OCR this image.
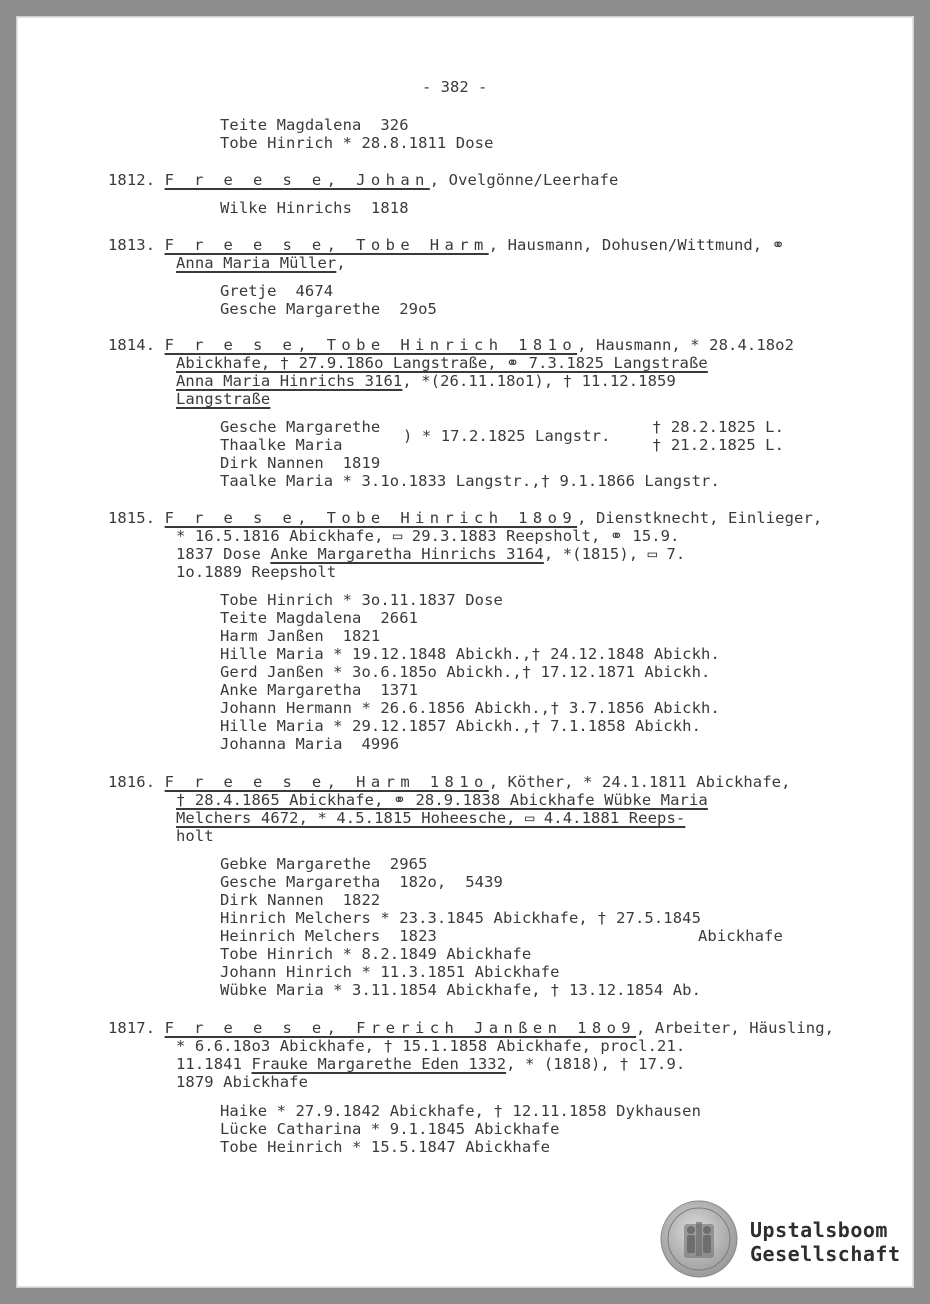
- 382 -
Teite Magdalena  326
Tobe Hinrich * 28.8.1811 Dose
1812. F r e e s e, Johan, Ovelgönne/Leerhafe
Wilke Hinrichs  1818
1813. F r e e s e, Tobe Harm, Hausmann, Dohusen/Wittmund, ⚭
Anna Maria Müller,
Gretje  4674
Gesche Margarethe  29o5
1814. F r e s e, Tobe Hinrich 181o, Hausmann, * 28.4.18o2
Abickhafe, † 27.9.186o Langstraße, ⚭ 7.3.1825 Langstraße
Anna Maria Hinrichs 3161, *(26.11.18o1), † 11.12.1859
Langstraße
Gesche Margarethe ) * 17.2.1825 Langstr.	† 28.2.1825 L.
Thaalke Maria	† 21.2.1825 L.
Dirk Nannen  1819
Taalke Maria * 3.1o.1833 Langstr.,† 9.1.1866 Langstr.
1815. F r e s e, Tobe Hinrich 18o9, Dienstknecht, Einlieger,
* 16.5.1816 Abickhafe, ▭ 29.3.1883 Reepsholt, ⚭ 15.9.
1837 Dose Anke Margaretha Hinrichs 3164, *(1815), ▭ 7.
1o.1889 Reepsholt
Tobe Hinrich * 3o.11.1837 Dose
Teite Magdalena  2661
Harm Janßen  1821
Hille Maria * 19.12.1848 Abickh.,† 24.12.1848 Abickh.
Gerd Janßen * 3o.6.185o Abickh.,† 17.12.1871 Abickh.
Anke Margaretha  1371
Johann Hermann * 26.6.1856 Abickh.,† 3.7.1856 Abickh.
Hille Maria * 29.12.1857 Abickh.,† 7.1.1858 Abickh.
Johanna Maria  4996
1816. F r e e s e, Harm 181o, Köther, * 24.1.1811 Abickhafe,
† 28.4.1865 Abickhafe, ⚭ 28.9.1838 Abickhafe Wübke Maria
Melchers 4672, * 4.5.1815 Hoheesche, ▭ 4.4.1881 Reeps-
holt
Gebke Margarethe  2965
Gesche Margaretha  182o,  5439
Dirk Nannen  1822
Hinrich Melchers * 23.3.1845 Abickhafe, † 27.5.1845
Heinrich Melchers  1823	Abickhafe
Tobe Hinrich * 8.2.1849 Abickhafe
Johann Hinrich * 11.3.1851 Abickhafe
Wübke Maria * 3.11.1854 Abickhafe, † 13.12.1854 Ab.
1817. F r e e s e, Frerich Janßen 18o9, Arbeiter, Häusling,
* 6.6.18o3 Abickhafe, † 15.1.1858 Abickhafe, procl.21.
11.1841 Frauke Margarethe Eden 1332, * (1818), † 17.9.
1879 Abickhafe
Haike * 27.9.1842 Abickhafe, † 12.11.1858 Dykhausen
Lücke Catharina * 9.1.1845 Abickhafe
Tobe Heinrich * 15.5.1847 Abickhafe
Upstalsboom
Gesellschaft
